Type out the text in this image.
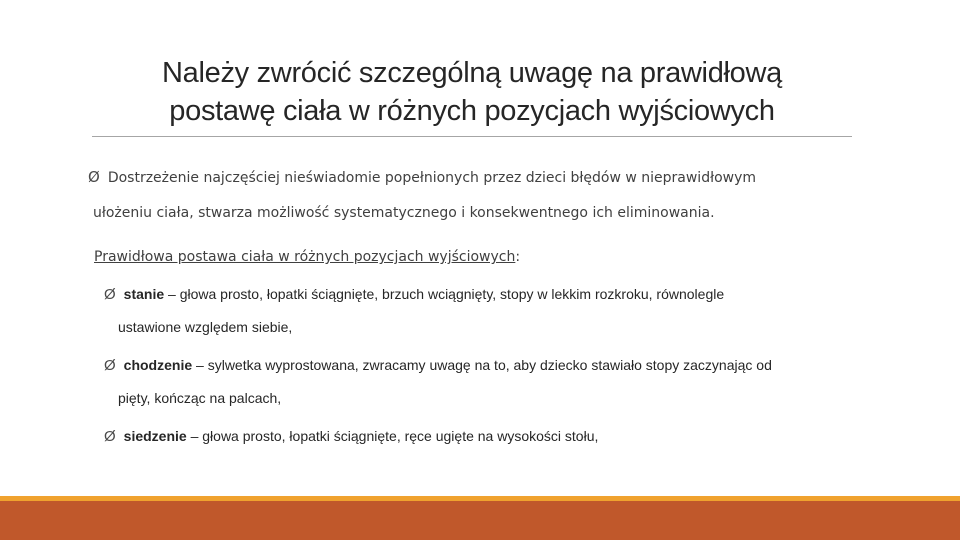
Należy zwrócić szczególną uwagę na prawidłową
postawę ciała w różnych pozycjach wyjściowych
Ø Dostrzeżenie najczęściej nieświadomie popełnionych przez dzieci błędów w nieprawidłowym
ułożeniu ciała, stwarza możliwość systematycznego i konsekwentnego ich eliminowania.
Prawidłowa postawa ciała w różnych pozycjach wyjściowych:
Ø stanie – głowa prosto, łopatki ściągnięte, brzuch wciągnięty, stopy w lekkim rozkroku, równolegle
ustawione względem siebie,
Ø chodzenie – sylwetka wyprostowana, zwracamy uwagę na to, aby dziecko stawiało stopy zaczynając od
pięty, kończąc na palcach,
Ø siedzenie – głowa prosto, łopatki ściągnięte, ręce ugięte na wysokości stołu,
